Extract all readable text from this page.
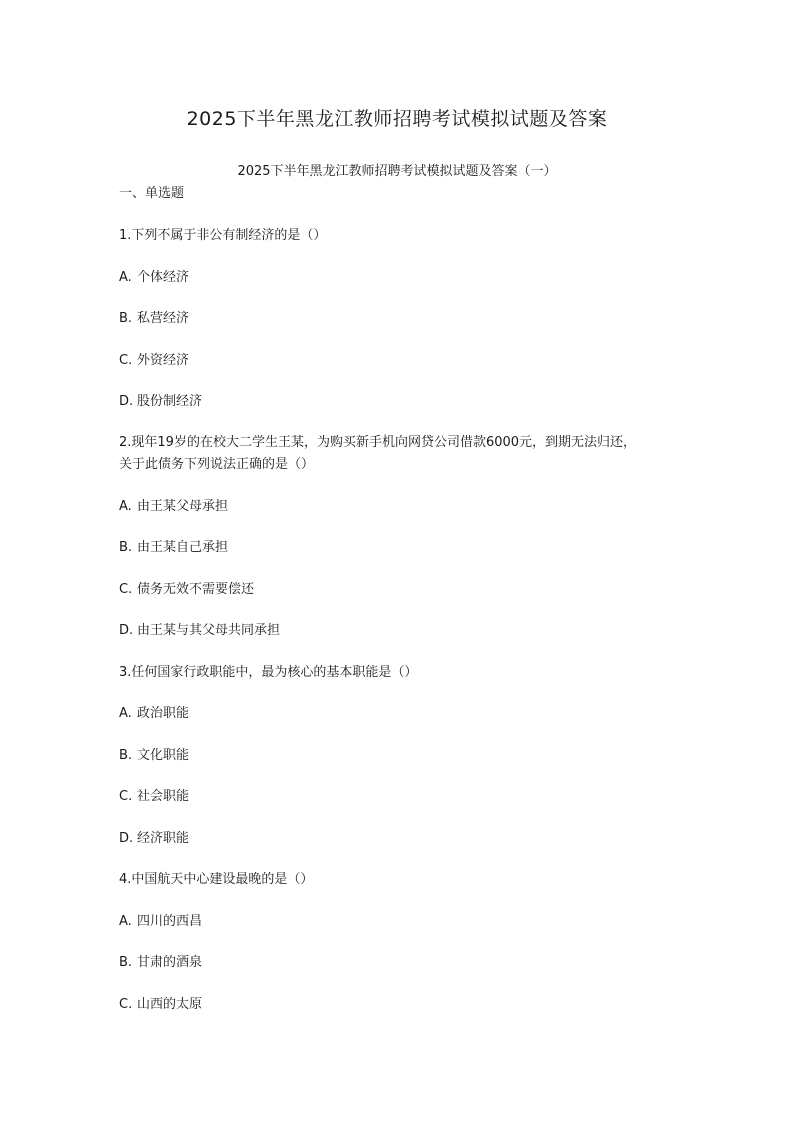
2025下半年黑龙江教师招聘考试模拟试题及答案
2025下半年黑龙江教师招聘考试模拟试题及答案（一）
一、单选题
1.下列不属于非公有制经济的是（）
A. 个体经济
B. 私营经济
C. 外资经济
D. 股份制经济
2.现年19岁的在校大二学生王某，为购买新手机向网贷公司借款6000元，到期无法归还，
关于此债务下列说法正确的是（）
A. 由王某父母承担
B. 由王某自己承担
C. 债务无效不需要偿还
D. 由王某与其父母共同承担
3.任何国家行政职能中，最为核心的基本职能是（）
A. 政治职能
B. 文化职能
C. 社会职能
D. 经济职能
4.中国航天中心建设最晚的是（）
A. 四川的西昌
B. 甘肃的酒泉
C. 山西的太原
